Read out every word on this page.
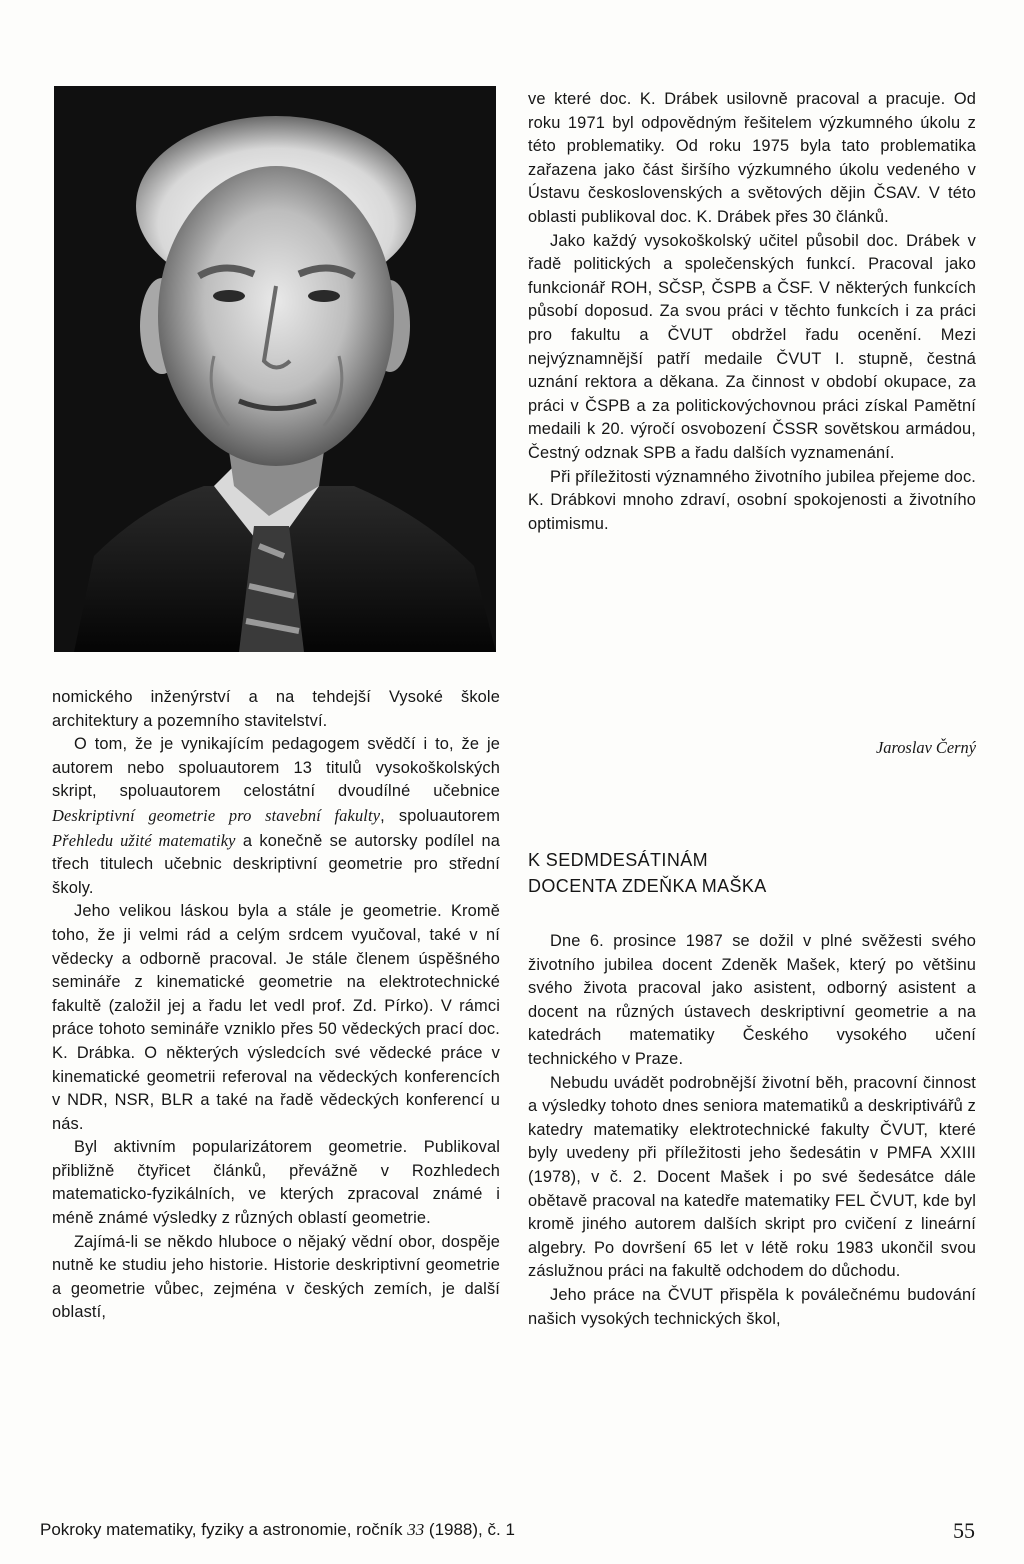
nomického inženýrství a na tehdejší Vysoké škole architektury a pozemního stavitelství.

O tom, že je vynikajícím pedagogem svědčí i to, že je autorem nebo spoluautorem 13 titulů vysokoškolských skript, spoluautorem celostátní dvoudílné učebnice Deskriptivní geometrie pro stavební fakulty, spoluautorem Přehledu užité matematiky a konečně se autorsky podílel na třech titulech učebnic deskriptivní geometrie pro střední školy.

Jeho velikou láskou byla a stále je geometrie. Kromě toho, že ji velmi rád a celým srdcem vyučoval, také v ní vědecky a odborně pracoval. Je stále členem úspěšného semináře z kinematické geometrie na elektrotechnické fakultě (založil jej a řadu let vedl prof. Zd. Pírko). V rámci práce tohoto semináře vzniklo přes 50 vědeckých prací doc. K. Drábka. O některých výsledcích své vědecké práce v kinematické geometrii referoval na vědeckých konferencích v NDR, NSR, BLR a také na řadě vědeckých konferencí u nás.

Byl aktivním popularizátorem geometrie. Publikoval přibližně čtyřicet článků, převážně v Rozhledech matematicko-fyzikálních, ve kterých zpracoval známé i méně známé výsledky z různých oblastí geometrie.

Zajímá-li se někdo hluboce o nějaký vědní obor, dospěje nutně ke studiu jeho historie. Historie deskriptivní geometrie a geometrie vůbec, zejména v českých zemích, je další oblastí,

ve které doc. K. Drábek usilovně pracoval a pracuje. Od roku 1971 byl odpovědným řešitelem výzkumného úkolu z této problematiky. Od roku 1975 byla tato problematika zařazena jako část širšího výzkumného úkolu vedeného v Ústavu československých a světových dějin ČSAV. V této oblasti publikoval doc. K. Drábek přes 30 článků.

Jako každý vysokoškolský učitel působil doc. Drábek v řadě politických a společenských funkcí. Pracoval jako funkcionář ROH, SČSP, ČSPB a ČSF. V některých funkcích působí doposud. Za svou práci v těchto funkcích i za práci pro fakultu a ČVUT obdržel řadu ocenění. Mezi nejvýznamnější patří medaile ČVUT I. stupně, čestná uznání rektora a děkana. Za činnost v období okupace, za práci v ČSPB a za politickovýchovnou práci získal Pamětní medaili k 20. výročí osvobození ČSSR sovětskou armádou, Čestný odznak SPB a řadu dalších vyznamenání.

Při příležitosti významného životního jubilea přejeme doc. K. Drábkovi mnoho zdraví, osobní spokojenosti a životního optimismu.

Jaroslav Černý
K SEDMDESÁTINÁM
DOCENTA ZDEŇKA MAŠKA

Dne 6. prosince 1987 se dožil v plné svěžesti svého životního jubilea docent Zdeněk Mašek, který po většinu svého života pracoval jako asistent, odborný asistent a docent na různých ústavech deskriptivní geometrie a na katedrách matematiky Českého vysokého učení technického v Praze.

Nebudu uvádět podrobnější životní běh, pracovní činnost a výsledky tohoto dnes seniora matematiků a deskriptivářů z katedry matematiky elektrotechnické fakulty ČVUT, které byly uvedeny při příležitosti jeho šedesátin v PMFA XXIII (1978), v č. 2. Docent Mašek i po své šedesátce dále obětavě pracoval na katedře matematiky FEL ČVUT, kde byl kromě jiného autorem dalších skript pro cvičení z lineární algebry. Po dovršení 65 let v létě roku 1983 ukončil svou záslužnou práci na fakultě odchodem do důchodu.

Jeho práce na ČVUT přispěla k poválečnému budování našich vysokých technických škol,

Pokroky matematiky, fyziky a astronomie, ročník 33 (1988), č. 1	55
